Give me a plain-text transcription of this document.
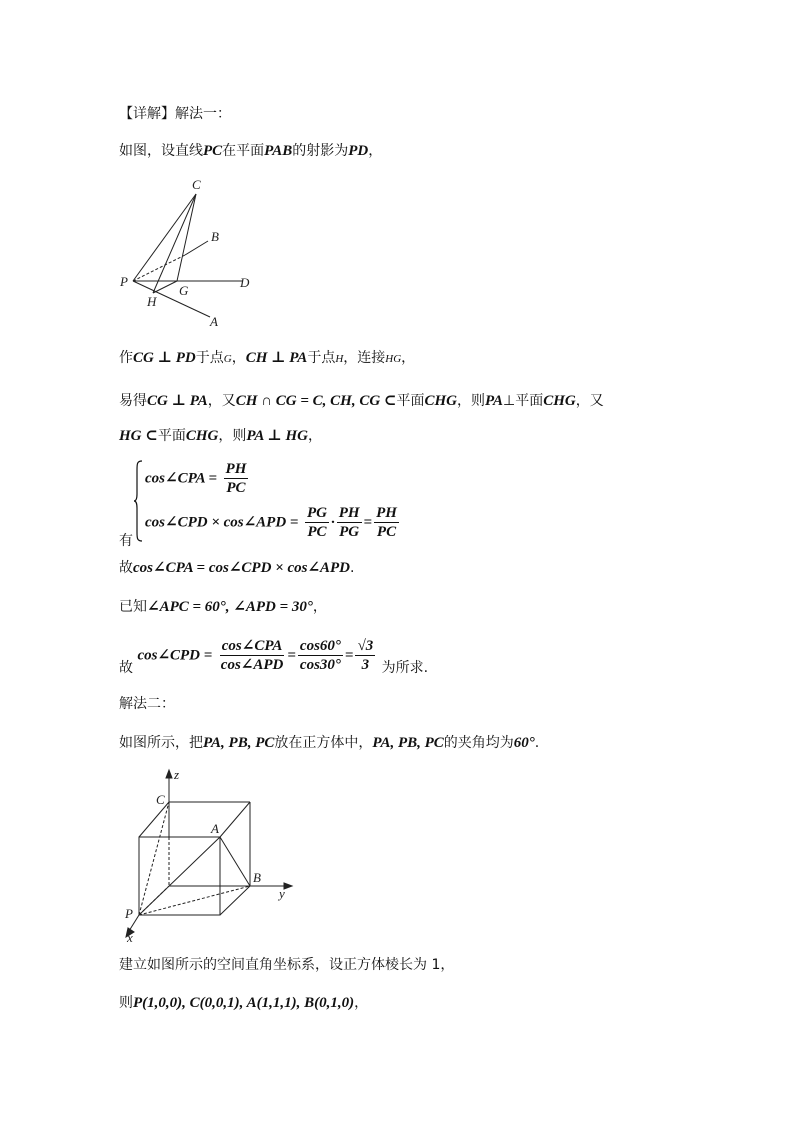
【详解】解法一：
如图，设直线PC在平面PAB的射影为PD，
C
B
P	D
H
G
A
作CG ⊥ PD于点G，CH ⊥ PA于点H，连接HG，
易得CG ⊥ PA，又CH ∩ CG = C, CH, CG ⊂平面CHG，则PA⊥平面CHG，又
HG ⊂平面CHG，则PA ⊥ HG，
cos∠CPA = $\frac{PH}{PC}$
cos∠CPD × cos∠APD = $\frac{PG}{PC} \cdot \frac{PH}{PG} = \frac{PH}{PC}$
有
故cos∠CPA = cos∠CPD × cos∠APD.
已知∠APC = 60°, ∠APD = 30°，
故 cos∠CPD = $\frac{\text{cos∠CPA}}{\text{cos∠APD}} = \frac{\cos 60^\circ}{\cos 30^\circ} = \frac{√3}{3}$ 为所求.
解法二：
如图所示，把PA, PB, PC放在正方体中，PA, PB, PC的夹角均为60°.
z
C
A
B
y
P
x
建立如图所示的空间直角坐标系，设正方体棱长为 1，
则P(1,0,0), C(0,0,1), A(1,1,1), B(0,1,0)，
